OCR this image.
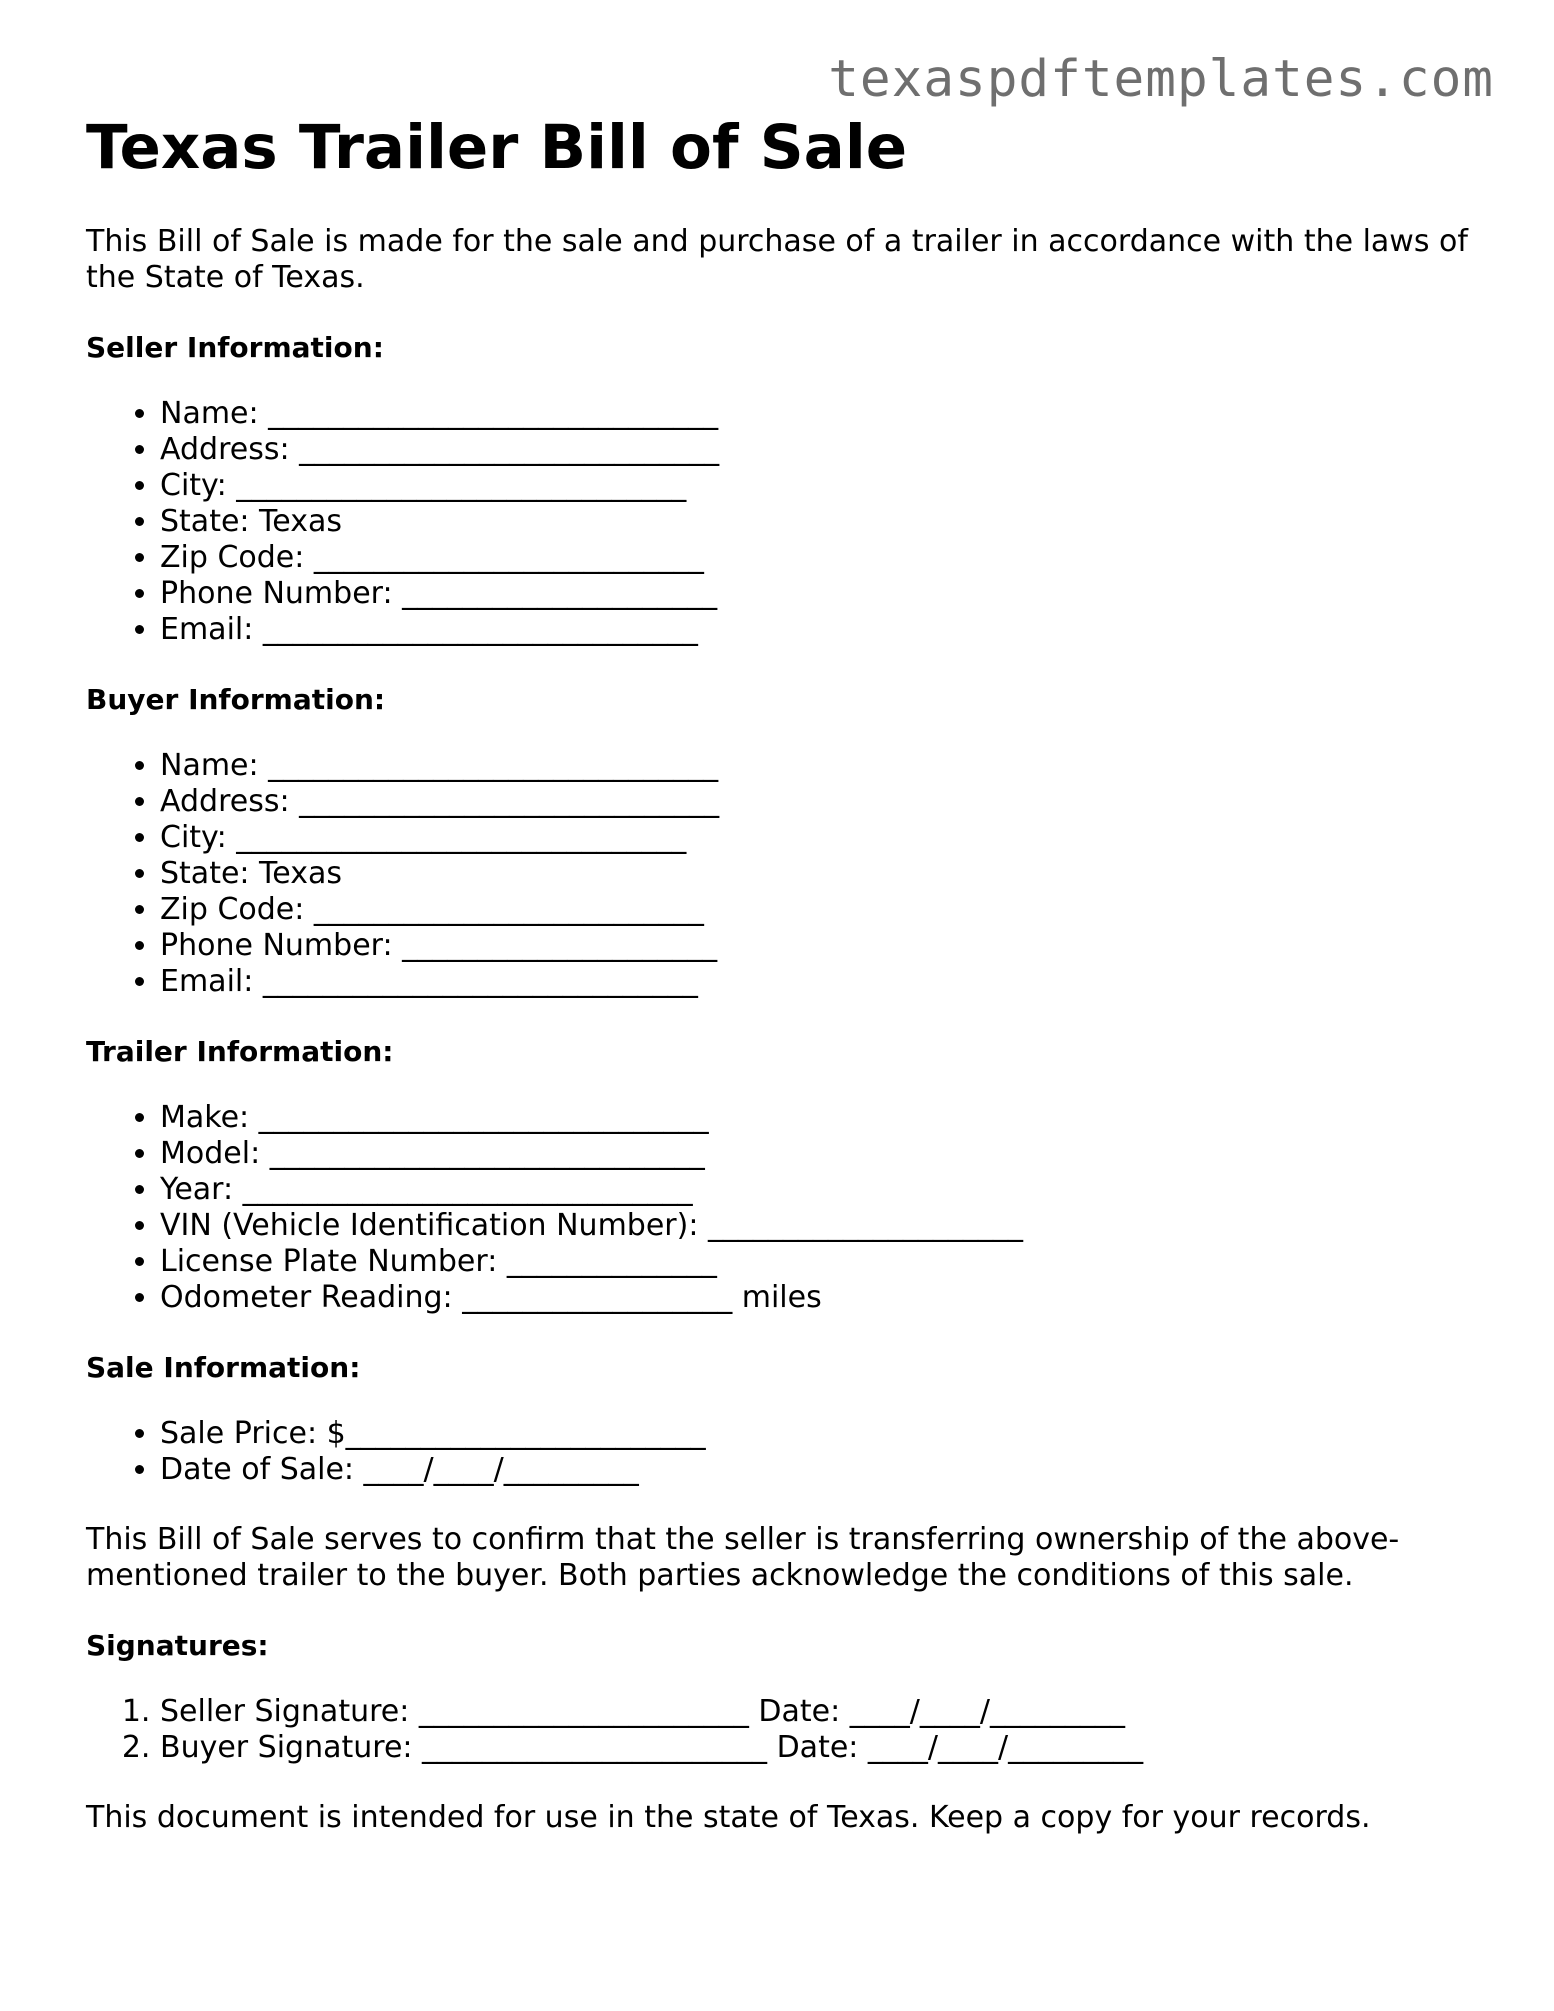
texaspdftemplates.com
Texas Trailer Bill of Sale

This Bill of Sale is made for the sale and purchase of a trailer in accordance with the laws of the State of Texas.

Seller Information:
• Name: ______________________________
• Address: ____________________________
• City: ______________________________
• State: Texas
• Zip Code: __________________________
• Phone Number: _____________________
• Email: _____________________________
Buyer Information:
• Name: ______________________________
• Address: ____________________________
• City: ______________________________
• State: Texas
• Zip Code: __________________________
• Phone Number: _____________________
• Email: _____________________________
Trailer Information:
• Make: ______________________________
• Model: _____________________________
• Year: ______________________________
• VIN (Vehicle Identification Number): _____________________
• License Plate Number: ______________
• Odometer Reading: __________________ miles
Sale Information:
• Sale Price: $________________________
• Date of Sale: ____/____/_________

This Bill of Sale serves to confirm that the seller is transferring ownership of the above-mentioned trailer to the buyer. Both parties acknowledge the conditions of this sale.

Signatures:
1. Seller Signature: ______________________ Date: ____/____/_________
2. Buyer Signature: _______________________ Date: ____/____/_________

This document is intended for use in the state of Texas. Keep a copy for your records.
